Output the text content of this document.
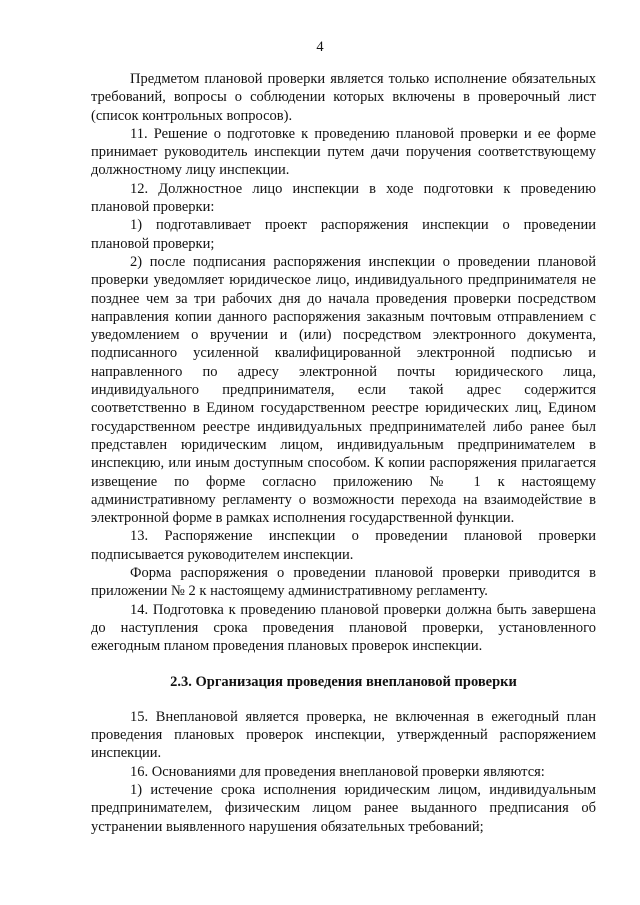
4

Предметом плановой проверки является только исполнение обязательных требований, вопросы о соблюдении которых включены в проверочный лист (список контрольных вопросов).

11. Решение о подготовке к проведению плановой проверки и ее форме принимает руководитель инспекции путем дачи поручения соответствующему должностному лицу инспекции.

12. Должностное лицо инспекции в ходе подготовки к проведению плановой проверки:

1) подготавливает проект распоряжения инспекции о проведении плановой проверки;

2) после подписания распоряжения инспекции о проведении плановой проверки уведомляет юридическое лицо, индивидуального предпринимателя не позднее чем за три рабочих дня до начала проведения проверки посредством направления копии данного распоряжения заказным почтовым отправлением с уведомлением о вручении и (или) посредством электронного документа, подписанного усиленной квалифицированной электронной подписью и направленного по адресу электронной почты юридического лица, индивидуального предпринимателя, если такой адрес содержится соответственно в Едином государственном реестре юридических лиц, Едином государственном реестре индивидуальных предпринимателей либо ранее был представлен юридическим лицом, индивидуальным предпринимателем в инспекцию, или иным доступным способом. К копии распоряжения прилагается извещение по форме согласно приложению № 1 к настоящему административному регламенту о возможности перехода на взаимодействие в электронной форме в рамках исполнения государственной функции.

13. Распоряжение инспекции о проведении плановой проверки подписывается руководителем инспекции.

Форма распоряжения о проведении плановой проверки приводится в приложении № 2 к настоящему административному регламенту.

14. Подготовка к проведению плановой проверки должна быть завершена до наступления срока проведения плановой проверки, установленного ежегодным планом проведения плановых проверок инспекции.

2.3. Организация проведения внеплановой проверки

15. Внеплановой является проверка, не включенная в ежегодный план проведения плановых проверок инспекции, утвержденный распоряжением инспекции.

16. Основаниями для проведения внеплановой проверки являются:

1) истечение срока исполнения юридическим лицом, индивидуальным предпринимателем, физическим лицом ранее выданного предписания об устранении выявленного нарушения обязательных требований;
